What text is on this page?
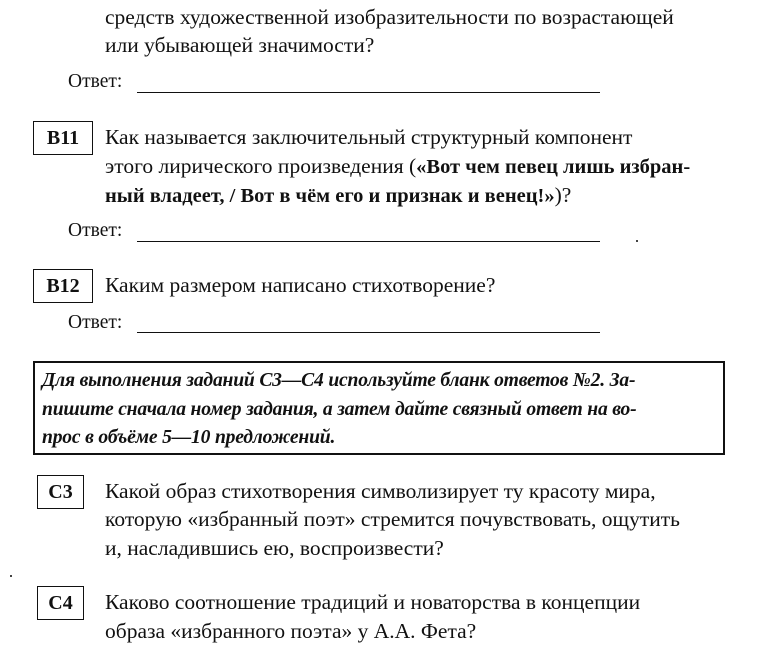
средств художественной изобразительности по возрастающей
или убывающей значимости?
Ответ:
B11	Как называется заключительный структурный компонент
этого лирического произведения («Вот чем певец лишь избран-
ный владеет, / Вот в чём его и признак и венец!»)?
Ответ:
B12	Каким размером написано стихотворение?
Ответ:
Для выполнения заданий С3—С4 используйте бланк ответов №2. За-
пишите сначала номер задания, а затем дайте связный ответ на во-
прос в объёме 5—10 предложений.
С3	Какой образ стихотворения символизирует ту красоту мира,
которую «избранный поэт» стремится почувствовать, ощутить
и, насладившись ею, воспроизвести?
С4	Каково соотношение традиций и новаторства в концепции
образа «избранного поэта» у А.А. Фета?
